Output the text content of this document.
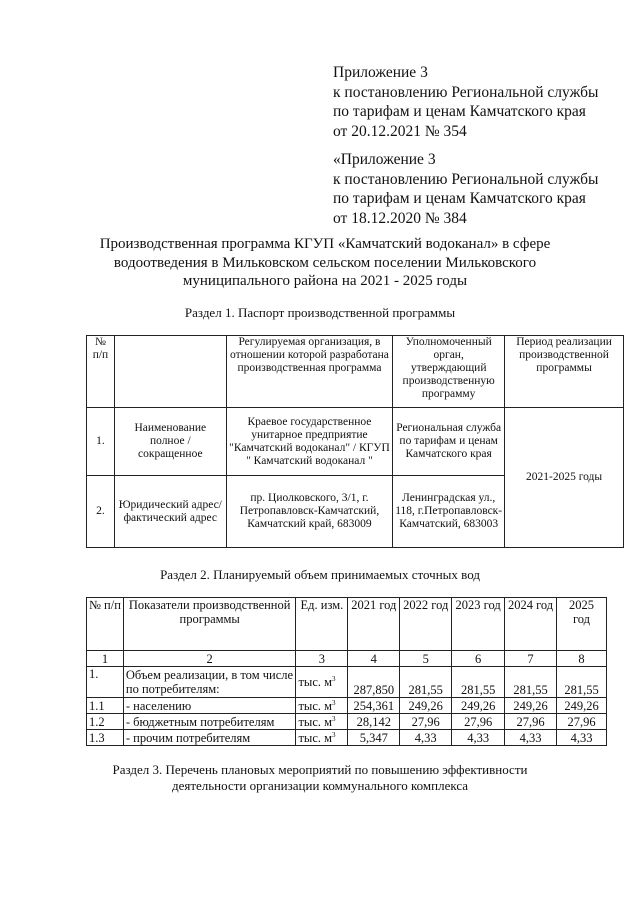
Приложение 3
к постановлению Региональной службы
по тарифам и ценам Камчатского края
от 20.12.2021 № 354
«Приложение 3
к постановлению Региональной службы
по тарифам и ценам Камчатского края
от 18.12.2020 № 384
Производственная программа КГУП «Камчатский водоканал» в сфере
водоотведения в Мильковском сельском поселении Мильковского
муниципального района на 2021 - 2025 годы
Раздел 1. Паспорт производственной программы
№ п/п		Регулируемая организация, в отношении которой разработана производственная программа	Уполномоченный орган, утверждающий производственную программу	Период реализации производственной программы
1.	Наименование полное / сокращенное	Краевое государственное унитарное предприятие "Камчатский водоканал" / КГУП " Камчатский водоканал "	Региональная служба по тарифам и ценам Камчатского края	2021-2025 годы
2.	Юридический адрес/фактический адрес	пр. Циолковского, 3/1, г. Петропавловск-Камчатский, Камчатский край, 683009	Ленинградская ул., 118, г.Петропавловск-Камчатский, 683003	
Раздел 2. Планируемый объем принимаемых сточных вод
№ п/п	Показатели производственной программы	Ед. изм.	2021 год	2022 год	2023 год	2024 год	2025 год
1	2	3	4	5	6	7	8
1.	Объем реализации, в том числе по потребителям:	тыс. $м^3$	287,850	281,55	281,55	281,55	281,55
1.1	- населению	тыс. $м^3$	254,361	249,26	249,26	249,26	249,26
1.2	- бюджетным потребителям	тыс. $м^3$	28,142	27,96	27,96	27,96	27,96
1.3	- прочим потребителям	тыс. $м^3$	5,347	4,33	4,33	4,33	4,33
Раздел 3. Перечень плановых мероприятий по повышению эффективности
деятельности организации коммунального комплекса
